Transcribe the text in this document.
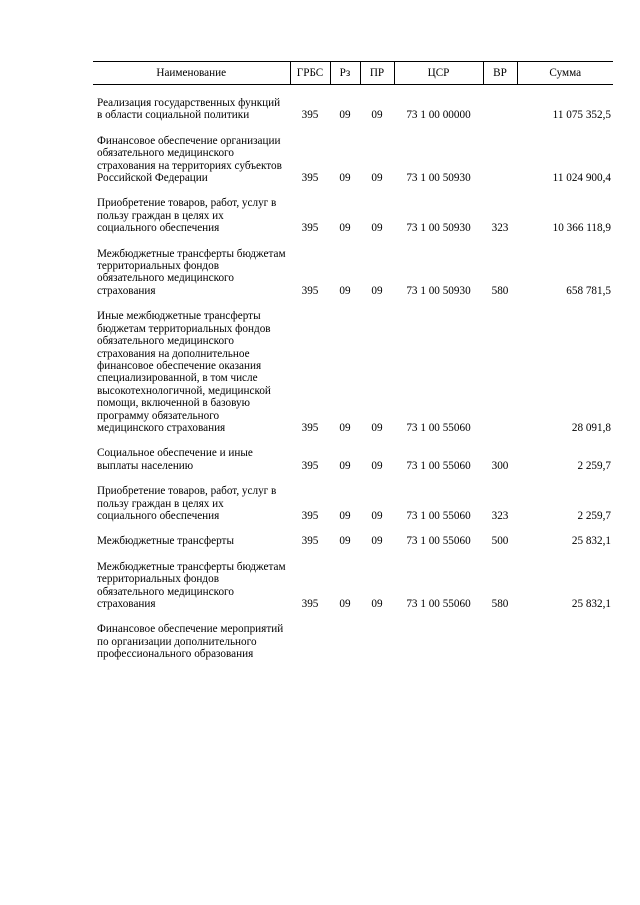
Наименование	ГРБС	Рз	ПР	ЦСР	ВР	Сумма
Реализация государственных функций в области социальной политики	395	09	09	73 1 00 00000		11 075 352,5
Финансовое обеспечение организации обязательного медицинского страхования на территориях субъектов Российской Федерации	395	09	09	73 1 00 50930		11 024 900,4
Приобретение товаров, работ, услуг в пользу граждан в целях их социального обеспечения	395	09	09	73 1 00 50930	323	10 366 118,9
Межбюджетные трансферты бюджетам территориальных фондов обязательного медицинского страхования	395	09	09	73 1 00 50930	580	658 781,5
Иные межбюджетные трансферты бюджетам территориальных фондов обязательного медицинского страхования на дополнительное финансовое обеспечение оказания специализированной, в том числе высокотехнологичной, медицинской помощи, включенной в базовую программу обязательного медицинского страхования	395	09	09	73 1 00 55060		28 091,8
Социальное обеспечение и иные выплаты населению	395	09	09	73 1 00 55060	300	2 259,7
Приобретение товаров, работ, услуг в пользу граждан в целях их социального обеспечения	395	09	09	73 1 00 55060	323	2 259,7
Межбюджетные трансферты	395	09	09	73 1 00 55060	500	25 832,1
Межбюджетные трансферты бюджетам территориальных фондов обязательного медицинского страхования	395	09	09	73 1 00 55060	580	25 832,1
Финансовое обеспечение мероприятий по организации дополнительного профессионального образования						
